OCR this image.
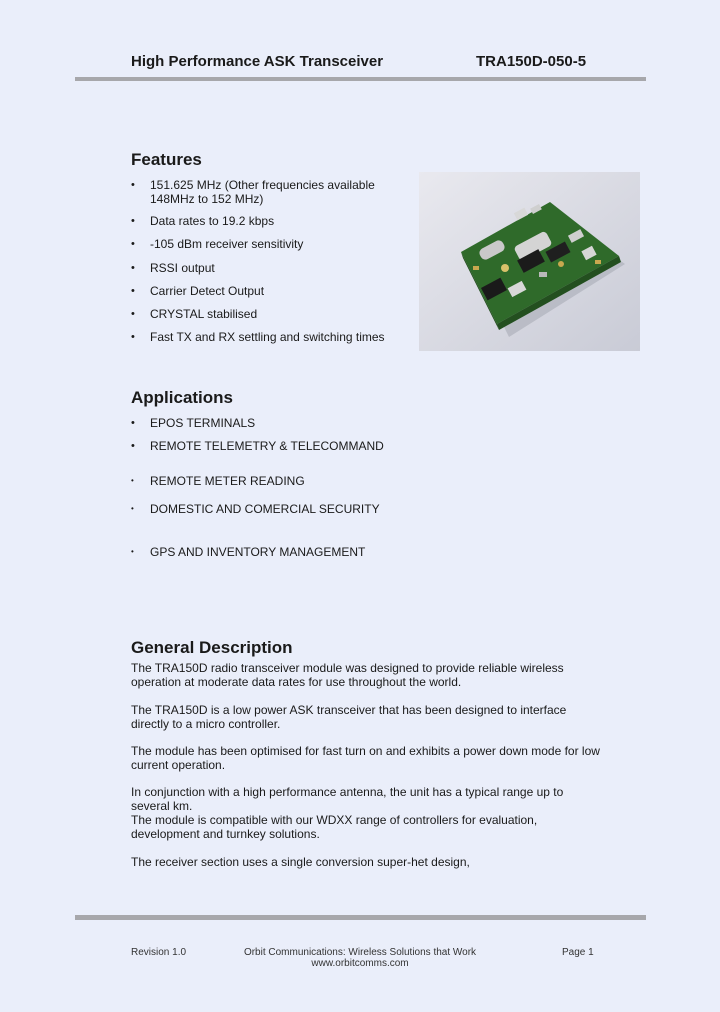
High Performance ASK Transceiver	TRA150D-050-5
Features
• 151.625 MHz (Other frequencies available 148MHz to 152 MHz)
• Data rates to 19.2 kbps
• -105 dBm receiver sensitivity
• RSSI output
• Carrier Detect Output
• CRYSTAL stabilised
• Fast TX and RX settling and switching times
Applications
• EPOS TERMINALS
• REMOTE TELEMETRY & TELECOMMAND
• REMOTE METER READING
• DOMESTIC AND COMERCIAL SECURITY
• GPS AND INVENTORY MANAGEMENT
General Description

The TRA150D radio transceiver module was designed to provide reliable wireless operation at moderate data rates for use throughout the world.

The TRA150D is a low power ASK transceiver that has been designed to interface directly to a micro controller.

The module has been optimised for fast turn on and exhibits a power down mode for low current operation.

In conjunction with a high performance antenna, the unit has a typical range up to several km.

The module is compatible with our WDXX range of controllers for evaluation, development and turnkey solutions.

The receiver section uses a single conversion super-het design,

Revision 1.0	Orbit Communications: Wireless Solutions that Work
www.orbitcomms.com
Page 1
